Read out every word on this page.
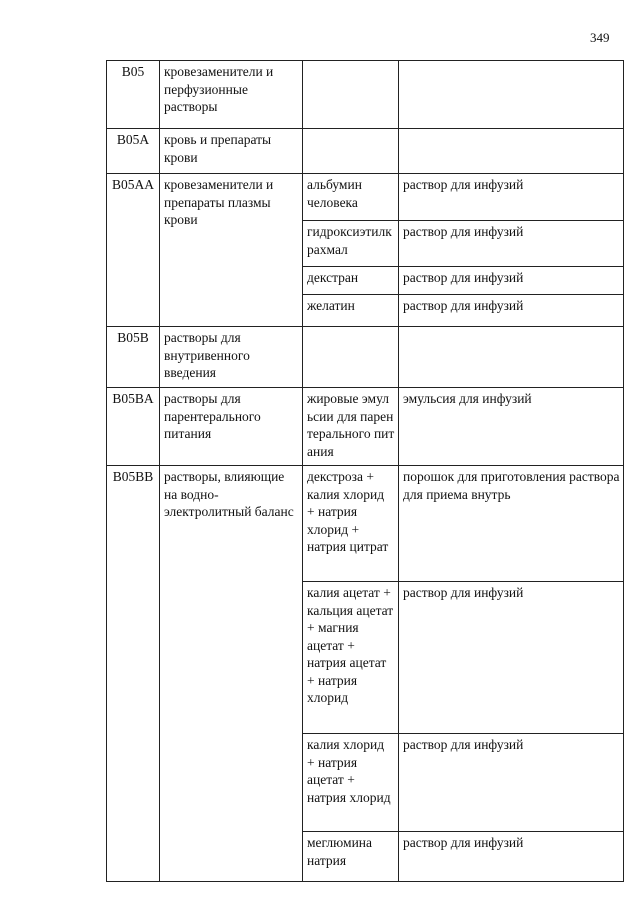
349
B05	кровезаменители и перфузионные растворы		
B05A	кровь и препараты крови		
B05AA	кровезаменители и препараты плазмы крови	альбумин человека	раствор для инфузий

		гидроксиэтилкрахмал	раствор для инфузий
		декстран	раствор для инфузий
		желатин	раствор для инфузий
B05B	растворы для внутривенного введения		
B05BA	растворы для парентерального питания	жировые эмульсии для парентерального питания	эмульсия для инфузий
B05BB	растворы, влияющие на водно-электролитный баланс	декстроза + калия хлорид + натрия хлорид + натрия цитрат	порошок для приготовления раствора для приема внутрь
		калия ацетат + кальция ацетат + магния ацетат + натрия ацетат + натрия хлорид	раствор для инфузий
		калия хлорид + натрия ацетат + натрия хлорид	раствор для инфузий
		меглюмина натрия	раствор для инфузий
